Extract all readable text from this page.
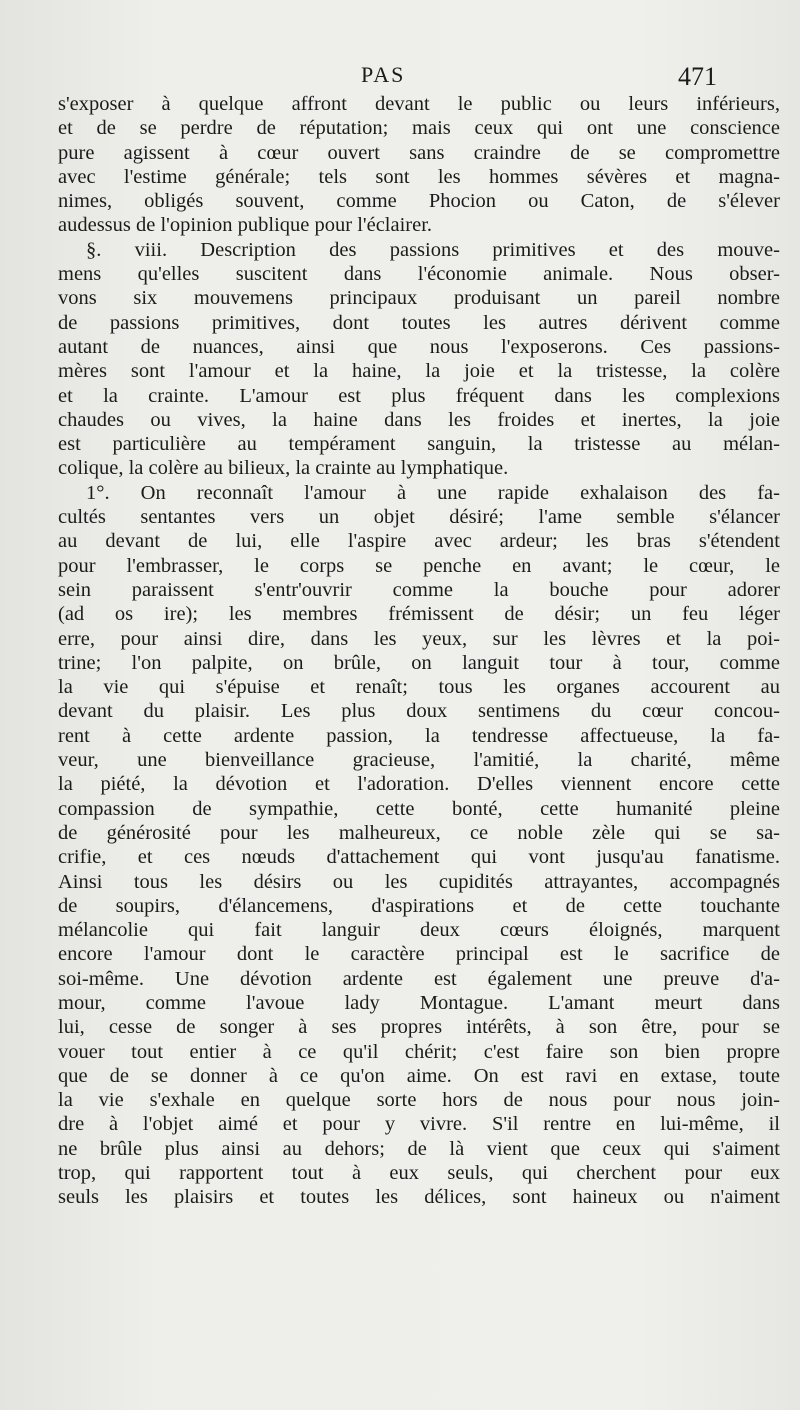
PAS	471
s'exposer à quelque affront devant le public ou leurs inférieurs,
et de se perdre de réputation; mais ceux qui ont une conscience
pure agissent à cœur ouvert sans craindre de se compromettre
avec l'estime générale; tels sont les hommes sévères et magna-
nimes, obligés souvent, comme Phocion ou Caton, de s'élever
audessus de l'opinion publique pour l'éclairer.
§. viii. Description des passions primitives et des mouve-
mens qu'elles suscitent dans l'économie animale. Nous obser-
vons six mouvemens principaux produisant un pareil nombre
de passions primitives, dont toutes les autres dérivent comme
autant de nuances, ainsi que nous l'exposerons. Ces passions-
mères sont l'amour et la haine, la joie et la tristesse, la colère
et la crainte. L'amour est plus fréquent dans les complexions
chaudes ou vives, la haine dans les froides et inertes, la joie
est particulière au tempérament sanguin, la tristesse au mélan-
colique, la colère au bilieux, la crainte au lymphatique.
1°. On reconnaît l'amour à une rapide exhalaison des fa-
cultés sentantes vers un objet désiré; l'ame semble s'élancer
au devant de lui, elle l'aspire avec ardeur; les bras s'étendent
pour l'embrasser, le corps se penche en avant; le cœur, le
sein paraissent s'entr'ouvrir comme la bouche pour adorer
(ad os ire); les membres frémissent de désir; un feu léger
erre, pour ainsi dire, dans les yeux, sur les lèvres et la poi-
trine; l'on palpite, on brûle, on languit tour à tour, comme
la vie qui s'épuise et renaît; tous les organes accourent au
devant du plaisir. Les plus doux sentimens du cœur concou-
rent à cette ardente passion, la tendresse affectueuse, la fa-
veur, une bienveillance gracieuse, l'amitié, la charité, même
la piété, la dévotion et l'adoration. D'elles viennent encore cette
compassion de sympathie, cette bonté, cette humanité pleine
de générosité pour les malheureux, ce noble zèle qui se sa-
crifie, et ces nœuds d'attachement qui vont jusqu'au fanatisme.
Ainsi tous les désirs ou les cupidités attrayantes, accompagnés
de soupirs, d'élancemens, d'aspirations et de cette touchante
mélancolie qui fait languir deux cœurs éloignés, marquent
encore l'amour dont le caractère principal est le sacrifice de
soi-même. Une dévotion ardente est également une preuve d'a-
mour, comme l'avoue lady Montague. L'amant meurt dans
lui, cesse de songer à ses propres intérêts, à son être, pour se
vouer tout entier à ce qu'il chérit; c'est faire son bien propre
que de se donner à ce qu'on aime. On est ravi en extase, toute
la vie s'exhale en quelque sorte hors de nous pour nous join-
dre à l'objet aimé et pour y vivre. S'il rentre en lui-même, il
ne brûle plus ainsi au dehors; de là vient que ceux qui s'aiment
trop, qui rapportent tout à eux seuls, qui cherchent pour eux
seuls les plaisirs et toutes les délices, sont haineux ou n'aiment
